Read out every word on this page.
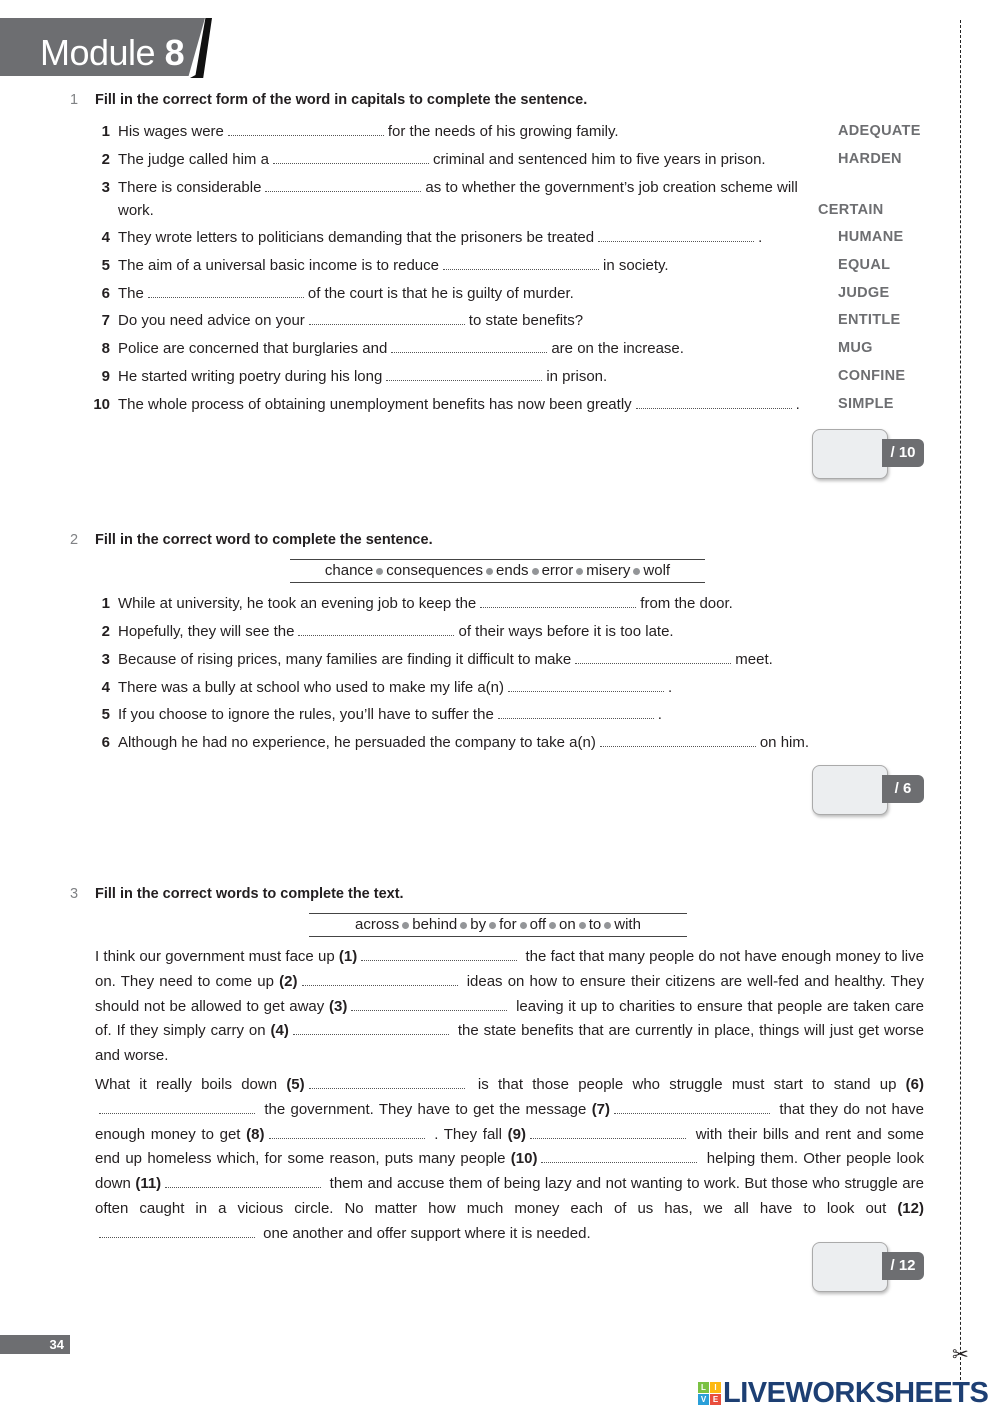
Module 8
✂
1 Fill in the correct form of the word in capitals to complete the sentence.
1 His wages were	for the needs of his growing family.	ADEQUATE
2 The judge called him a	criminal and sentenced him to five years in prison.	HARDEN
3 There is considerable	as to whether the government’s job creation scheme will work.	CERTAIN
4 They wrote letters to politicians demanding that the prisoners be treated	.	HUMANE
5 The aim of a universal basic income is to reduce	in society.	EQUAL
6 The	of the court is that he is guilty of murder.	JUDGE
7 Do you need advice on your	to state benefits?	ENTITLE
8 Police are concerned that burglaries and	are on the increase.	MUG
9 He started writing poetry during his long	in prison.	CONFINE
10 The whole process of obtaining unemployment benefits has now been greatly	.	SIMPLE
/ 10
2 Fill in the correct word to complete the sentence.
chance consequences ends error misery wolf
1 While at university, he took an evening job to keep the	from the door.
2 Hopefully, they will see the	of their ways before it is too late.
3 Because of rising prices, many families are finding it difficult to make	meet.
4 There was a bully at school who used to make my life a(n)	.
5 If you choose to ignore the rules, you’ll have to suffer the	.
6 Although he had no experience, he persuaded the company to take a(n)	on him.
/ 6
3 Fill in the correct words to complete the text.
across behind by for off on to with
I think our government must face up (1)	the fact that many people do not have enough money to live on. They need to come up (2)	ideas on how to ensure their citizens are well-fed and healthy. They should not be allowed to get away (3)	leaving it up to charities to ensure that people are taken care of. If they simply carry on (4)	the state benefits that are currently in place, things will just get worse and worse.
What it really boils down (5)	is that those people who struggle must start to stand up (6) the government. They have to get the message (7)	that they do not have enough money to get (8)	. They fall (9)	with their bills and rent and some end up homeless which, for some reason, puts many people (10)	helping them. Other people look down (11)	them and accuse them of being lazy and not wanting to work. But those who struggle are often caught in a vicious circle. No matter how much money each of us has, we all have to look out (12) one another and offer support where it is needed.
/ 12
34
L	I
V E LIVEWORKSHEETS
